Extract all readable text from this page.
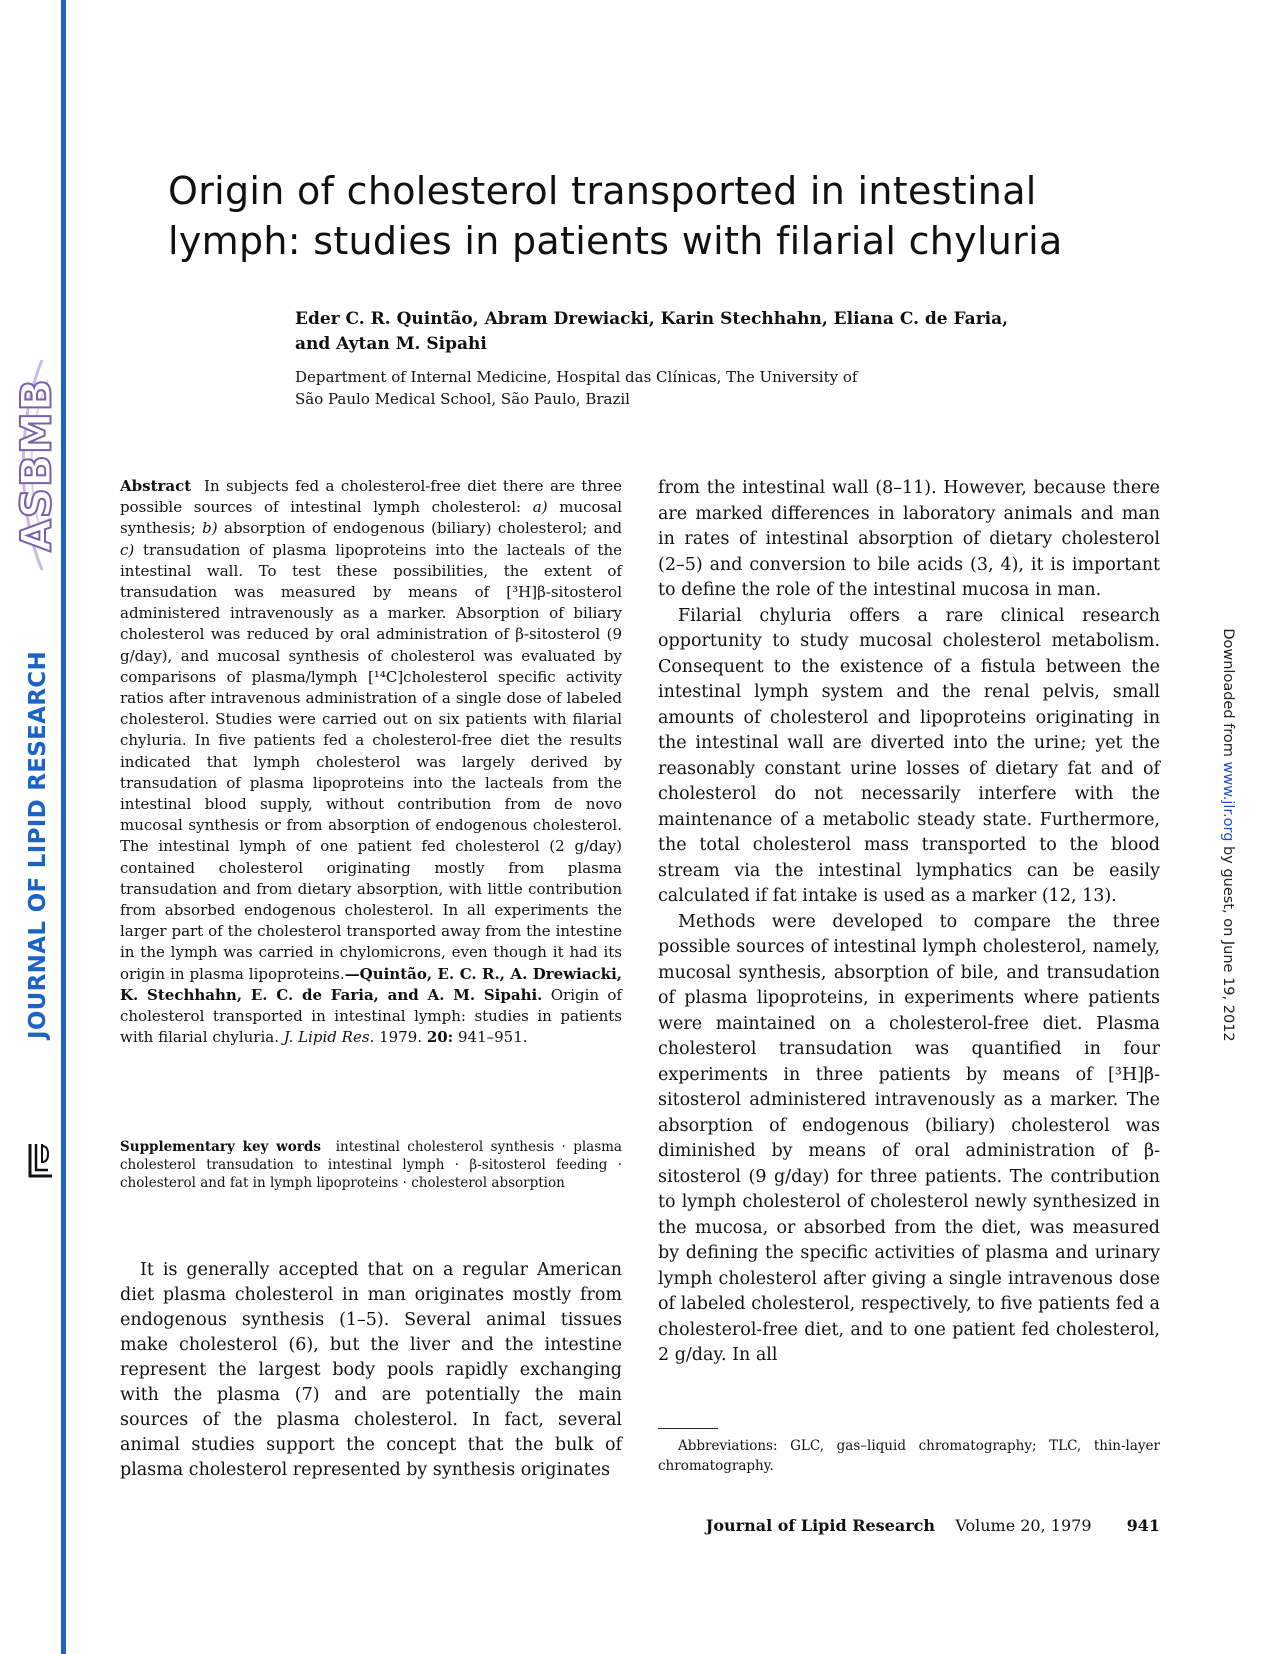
ASBMB
JOURNAL OF LIPID RESEARCH	Downloaded from www.jlr.org by guest, on June 19, 2012
Origin of cholesterol transported in intestinal
lymph: studies in patients with filarial chyluria
Eder C. R. Quintão, Abram Drewiacki, Karin Stechhahn, Eliana C. de Faria,
and Aytan M. Sipahi
Department of Internal Medicine, Hospital das Clínicas, The University of
São Paulo Medical School, São Paulo, Brazil
Abstract In subjects fed a cholesterol-free diet there are three possible sources of intestinal lymph cholesterol: a) mucosal synthesis; b) absorption of endogenous (biliary) cholesterol; and c) transudation of plasma lipoproteins into the lacteals of the intestinal wall. To test these possibilities, the extent of transudation was measured by means of [³H]β-sitosterol administered intravenously as a marker. Absorption of biliary cholesterol was reduced by oral administration of β-sitosterol (9 g/day), and mucosal synthesis of cholesterol was evaluated by comparisons of plasma/lymph [¹⁴C]cholesterol specific activity ratios after intravenous administration of a single dose of labeled cholesterol. Studies were carried out on six patients with filarial chyluria. In five patients fed a cholesterol-free diet the results indicated that lymph cholesterol was largely derived by transudation of plasma lipoproteins into the lacteals from the intestinal blood supply, without contribution from de novo mucosal synthesis or from absorption of endogenous cholesterol. The intestinal lymph of one patient fed cholesterol (2 g/day) contained cholesterol originating mostly from plasma transudation and from dietary absorption, with little contribution from absorbed endogenous cholesterol. In all experiments the larger part of the cholesterol transported away from the intestine in the lymph was carried in chylomicrons, even though it had its origin in plasma lipoproteins.—Quintão, E. C. R., A. Drewiacki, K. Stechhahn, E. C. de Faria, and A. M. Sipahi. Origin of cholesterol transported in intestinal lymph: studies in patients with filarial chyluria. J. Lipid Res. 1979. 20: 941–951.
Supplementary key words intestinal cholesterol synthesis · plasma cholesterol transudation to intestinal lymph · β-sitosterol feeding · cholesterol and fat in lymph lipoproteins · cholesterol absorption

It is generally accepted that on a regular American diet plasma cholesterol in man originates mostly from endogenous synthesis (1–5). Several animal tissues make cholesterol (6), but the liver and the intestine represent the largest body pools rapidly exchanging with the plasma (7) and are potentially the main sources of the plasma cholesterol. In fact, several animal studies support the concept that the bulk of plasma cholesterol represented by synthesis originates

from the intestinal wall (8–11). However, because there are marked differences in laboratory animals and man in rates of intestinal absorption of dietary cholesterol (2–5) and conversion to bile acids (3, 4), it is important to define the role of the intestinal mucosa in man.

Filarial chyluria offers a rare clinical research opportunity to study mucosal cholesterol metabolism. Consequent to the existence of a fistula between the intestinal lymph system and the renal pelvis, small amounts of cholesterol and lipoproteins originating in the intestinal wall are diverted into the urine; yet the reasonably constant urine losses of dietary fat and of cholesterol do not necessarily interfere with the maintenance of a metabolic steady state. Furthermore, the total cholesterol mass transported to the blood stream via the intestinal lymphatics can be easily calculated if fat intake is used as a marker (12, 13).

Methods were developed to compare the three possible sources of intestinal lymph cholesterol, namely, mucosal synthesis, absorption of bile, and transudation of plasma lipoproteins, in experiments where patients were maintained on a cholesterol-free diet. Plasma cholesterol transudation was quantified in four experiments in three patients by means of [³H]β-sitosterol administered intravenously as a marker. The absorption of endogenous (biliary) cholesterol was diminished by means of oral administration of β-sitosterol (9 g/day) for three patients. The contribution to lymph cholesterol of cholesterol newly synthesized in the mucosa, or absorbed from the diet, was measured by defining the specific activities of plasma and urinary lymph cholesterol after giving a single intravenous dose of labeled cholesterol, respectively, to five patients fed a cholesterol-free diet, and to one patient fed cholesterol, 2 g/day. In all

Abbreviations: GLC, gas–liquid chromatography; TLC, thin-layer chromatography.
Journal of Lipid Research Volume 20, 1979 941
